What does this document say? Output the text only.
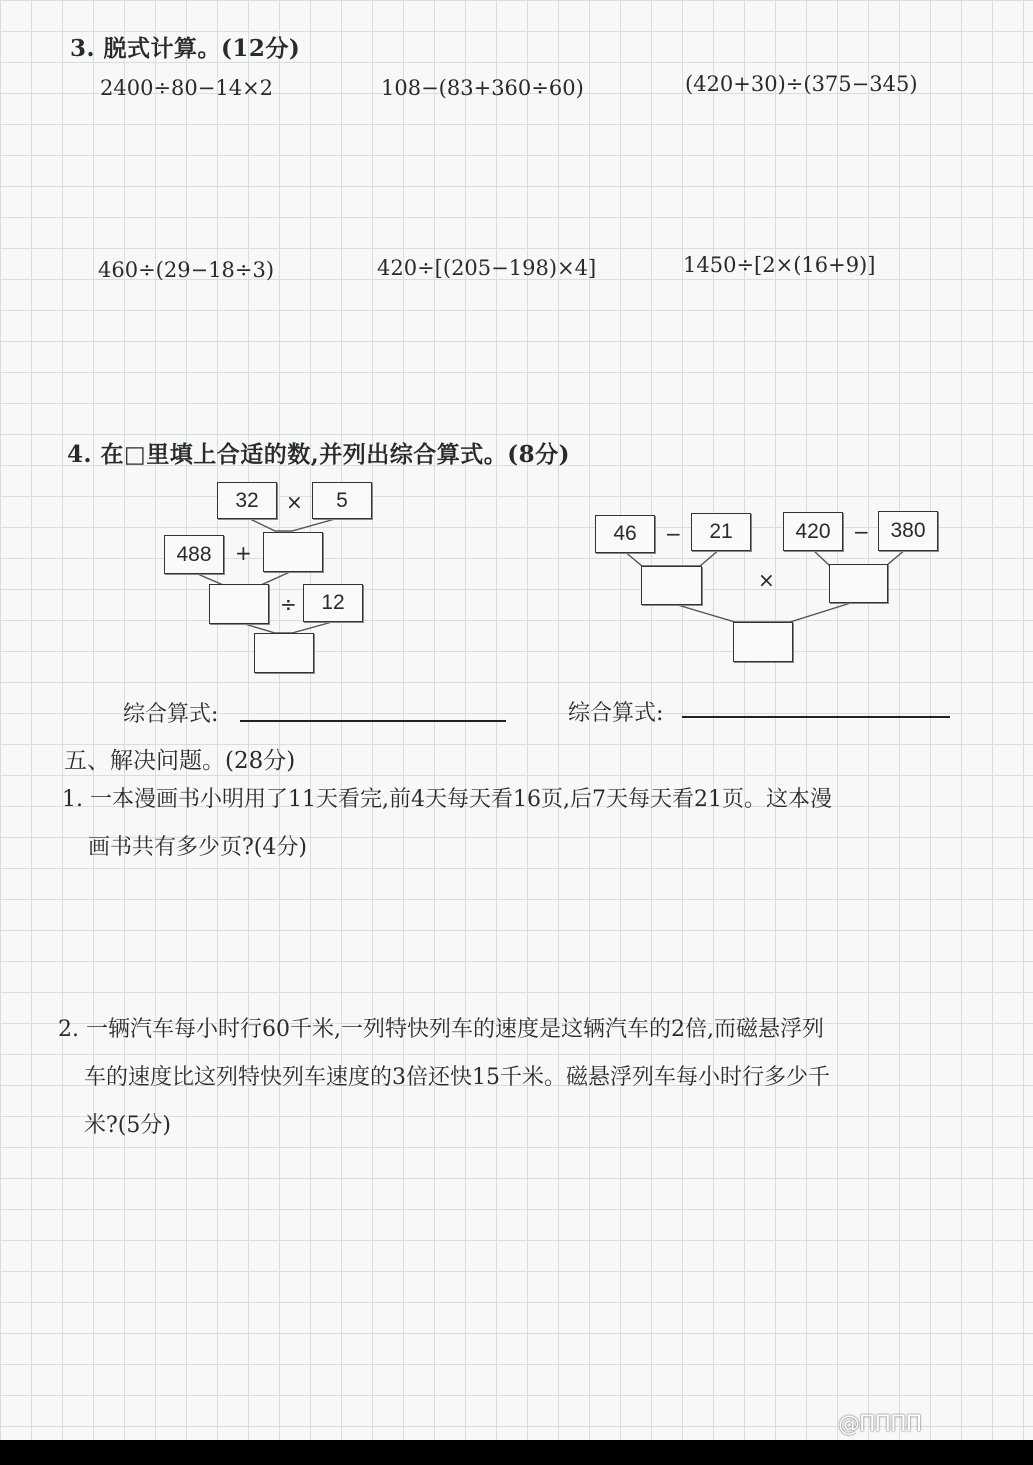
3. 脱式计算。(12分)
2400÷80−14×2	108−(83+360÷60)	(420+30)÷(375−345)
460÷(29−18÷3)	420÷[(205−198)×4]	1450÷[2×(16+9)]
4. 在□里填上合适的数,并列出综合算式。(8分)
32	×	5
488	+
÷	12
46	−	21	420	− 380
×
综合算式:	综合算式:
五、解决问题。(28分)
1. 一本漫画书小明用了11天看完,前4天每天看16页,后7天每天看21页。这本漫
画书共有多少页?(4分)
2. 一辆汽车每小时行60千米,一列特快列车的速度是这辆汽车的2倍,而磁悬浮列
车的速度比这列特快列车速度的3倍还快15千米。磁悬浮列车每小时行多少千
米?(5分)
@ПППП
